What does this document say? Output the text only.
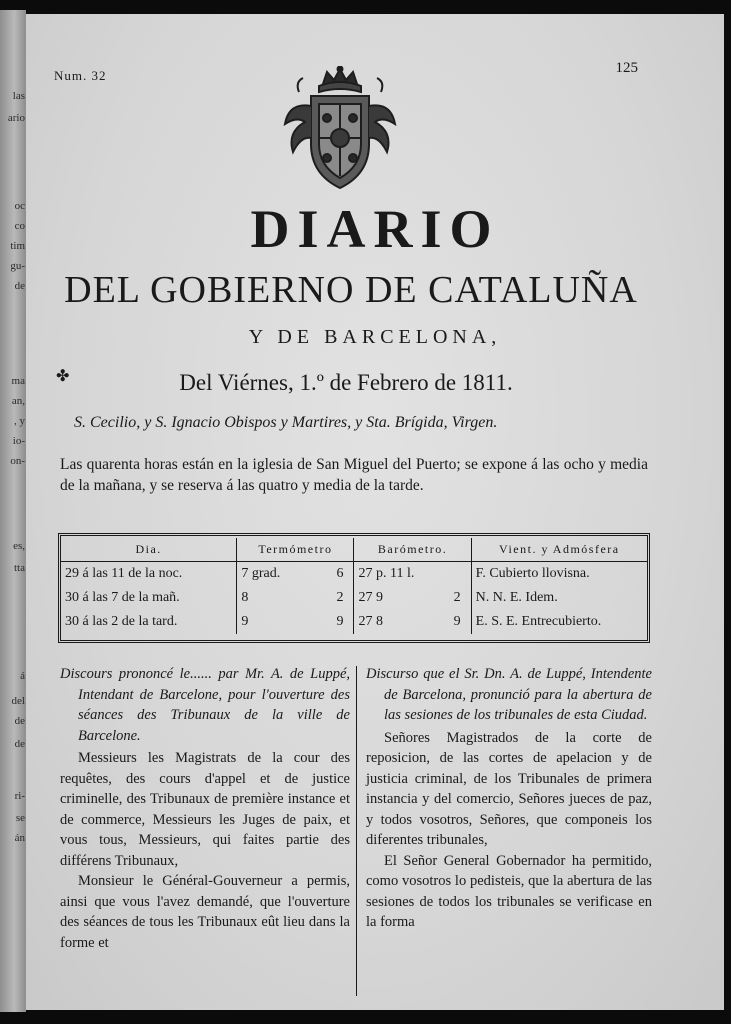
las
ario
oc
co
tim
gu-
de
ma
an,
, y
io-
on-
es,
tta
á
del
de
de
ri-
se
án
Num. 32	125
DIARIO
DEL GOBIERNO DE CATALUÑA
Y DE BARCELONA,
✤	Del Viérnes, 1.º de Febrero de 1811.
S. Cecilio, y S. Ignacio Obispos y Martires, y Sta. Brígida, Virgen.
Las quarenta horas están en la iglesia de San Miguel del Puerto; se expone á las ocho y media de la mañana, y se reserva á las quatro y media de la tarde.
Dia.	Termómetro		Barómetro.		Vient. y Admósfera
29 á las 11 de la noc.	7 grad.	6	27 p. 11 l.		F. Cubierto llovisna.
30 á las 7 de la mañ.	8	2	27 9	2	N. N. E. Idem.
30 á las 2 de la tard.	9	9	27 8	9	E. S. E. Entrecubierto.

Discours prononcé le...... par Mr. A. de Luppé, Intendant de Barcelone, pour l'ouverture des séances des Tribunaux de la ville de Barcelone.

Messieurs les Magistrats de la cour des requêtes, des cours d'appel et de justice criminelle, des Tribunaux de première instance et de commerce, Messieurs les Juges de paix, et vous tous, Messieurs, qui faites partie des différens Tribunaux,

Monsieur le Général-Gouverneur a permis, ainsi que vous l'avez demandé, que l'ouverture des séances de tous les Tribunaux eût lieu dans la forme et

Discurso que el Sr. Dn. A. de Luppé, Intendente de Barcelona, pronunció para la abertura de las sesiones de los tribunales de esta Ciudad.

Señores Magistrados de la corte de reposicion, de las cortes de apelacion y de justicia criminal, de los Tribunales de primera instancia y del comercio, Señores jueces de paz, y todos vosotros, Señores, que componeis los diferentes tribunales,

El Señor General Gobernador ha permitido, como vosotros lo pedisteis, que la abertura de las sesiones de todos los tribunales se verificase en la forma
